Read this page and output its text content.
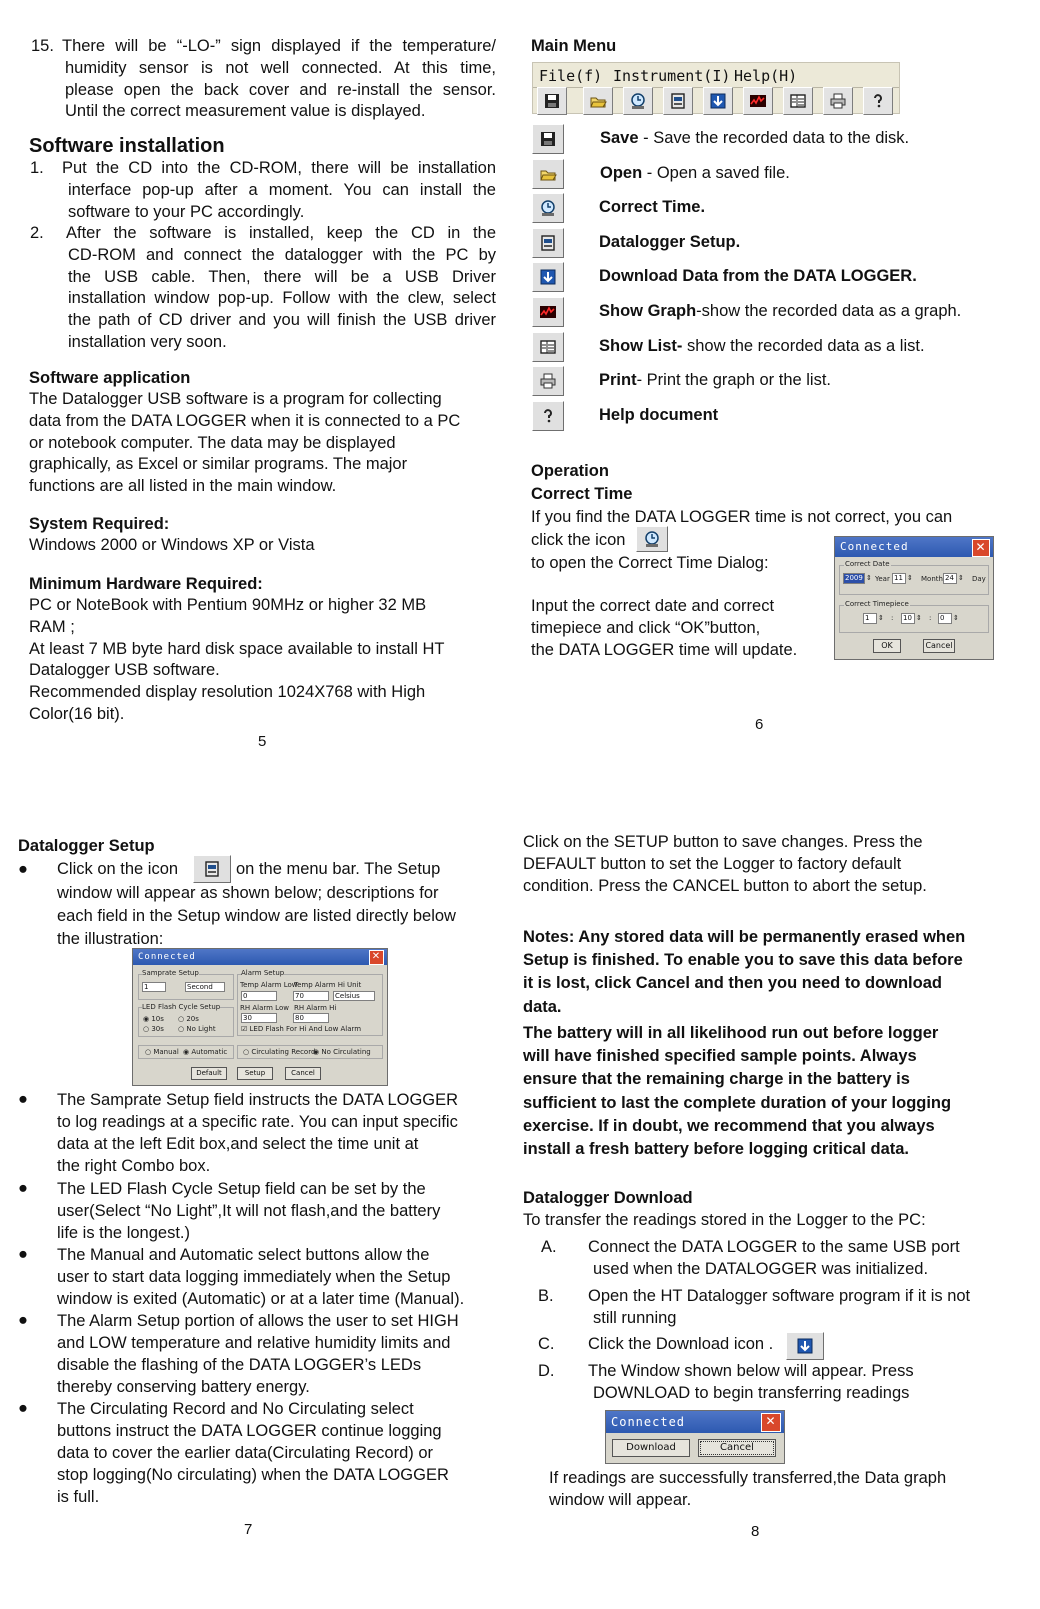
15. There will be “-LO-” sign displayed if the temperature/

humidity sensor is not well connected. At this time,

please open the back cover and re-install the sensor.

Until the correct measurement value is displayed.

Software installation
1. Put the CD into the CD-ROM, there will be installation

interface pop-up after a moment. You can install the

software to your PC accordingly.

2. After the software is installed, keep the CD in the

CD-ROM and connect the datalogger with the PC by

the USB cable. Then, there will be a USB Driver

installation window pop-up. Follow with the clew, select

the path of CD driver and you will finish the USB driver

installation very soon.

Software application

The Datalogger USB software is a program for collecting

data from the DATA LOGGER when it is connected to a PC

or notebook computer. The data may be displayed

graphically, as Excel or similar programs. The major

functions are all listed in the main window.

System Required:
Windows 2000 or Windows XP or Vista
Minimum Hardware Required:

PC or NoteBook with Pentium 90MHz or higher 32 MB

RAM ;

At least 7 MB byte hard disk space available to install HT

Datalogger USB software.

Recommended display resolution 1024X768 with High

Color(16 bit).

5
Main Menu
File(f) Instrument(I) Help(H)
Save - Save the recorded data to the disk.
Open - Open a saved file.
Correct Time.
Datalogger Setup.
Download Data from the DATA LOGGER.
Show Graph-show the recorded data as a graph.
Show List- show the recorded data as a list.
Print- Print the graph or the list.
Help document
Operation
Correct Time
If you find the DATA LOGGER time is not correct, you can
click the icon
to open the Correct Time Dialog:

Input the correct date and correct

timepiece and click “OK”button,

the DATA LOGGER time will update.

Connected	✕
Correct Date
2009 ⇕ Year 11 ⇕ Month 24 ⇕ Day
Correct Timepiece
1	⇕ : 10 ⇕ : 0	⇕
OK	Cancel
6
Datalogger Setup
● Click on the icon	on the menu bar. The Setup

window will appear as shown below; descriptions for

each field in the Setup window are listed directly below

the illustration:

Connected	✕
Samprate Setup
1	Second
LED Flash Cycle Setup
◉ 10s ○ 20s
○ 30s ○ No Light
○ Manual ◉ Automatic
Alarm Setup
Temp Alarm Low
Temp Alarm Hi Unit
0	70	Celsius
RH Alarm Low RH Alarm Hi
30	80
☑ LED Flash For Hi And Low Alarm
○ Circulating Record
◉ No Circulating
Default	Setup	Cancel
● The Samprate Setup field instructs the DATA LOGGER

to log readings at a specific rate. You can input specific

data at the left Edit box,and select the time unit at

the right Combo box.

● The LED Flash Cycle Setup field can be set by the

user(Select “No Light”,It will not flash,and the battery

life is the longest.)

● The Manual and Automatic select buttons allow the

user to start data logging immediately when the Setup

window is exited (Automatic) or at a later time (Manual).

● The Alarm Setup portion of allows the user to set HIGH

and LOW temperature and relative humidity limits and

disable the flashing of the DATA LOGGER’s LEDs

thereby conserving battery energy.

● The Circulating Record and No Circulating select

buttons instruct the DATA LOGGER continue logging

data to cover the earlier data(Circulating Record) or

stop logging(No circulating) when the DATA LOGGER

is full.

7

Click on the SETUP button to save changes. Press the

DEFAULT button to set the Logger to factory default

condition. Press the CANCEL button to abort the setup.

Notes: Any stored data will be permanently erased when

Setup is finished. To enable you to save this data before

it is lost, click Cancel and then you need to download

data.

The battery will in all likelihood run out before logger

will have finished specified sample points. Always

ensure that the remaining charge in the battery is

sufficient to last the complete duration of your logging

exercise. If in doubt, we recommend that you always

install a fresh battery before logging critical data.

Datalogger Download
To transfer the readings stored in the Logger to the PC:
A. Connect the DATA LOGGER to the same USB port

used when the DATALOGGER was initialized.

B. Open the HT Datalogger software program if it is not

still running

C. Click the Download icon .
D. The Window shown below will appear. Press

DOWNLOAD to begin transferring readings

Connected	✕
Download	Cancel

If readings are successfully transferred,the Data graph

window will appear.

8
